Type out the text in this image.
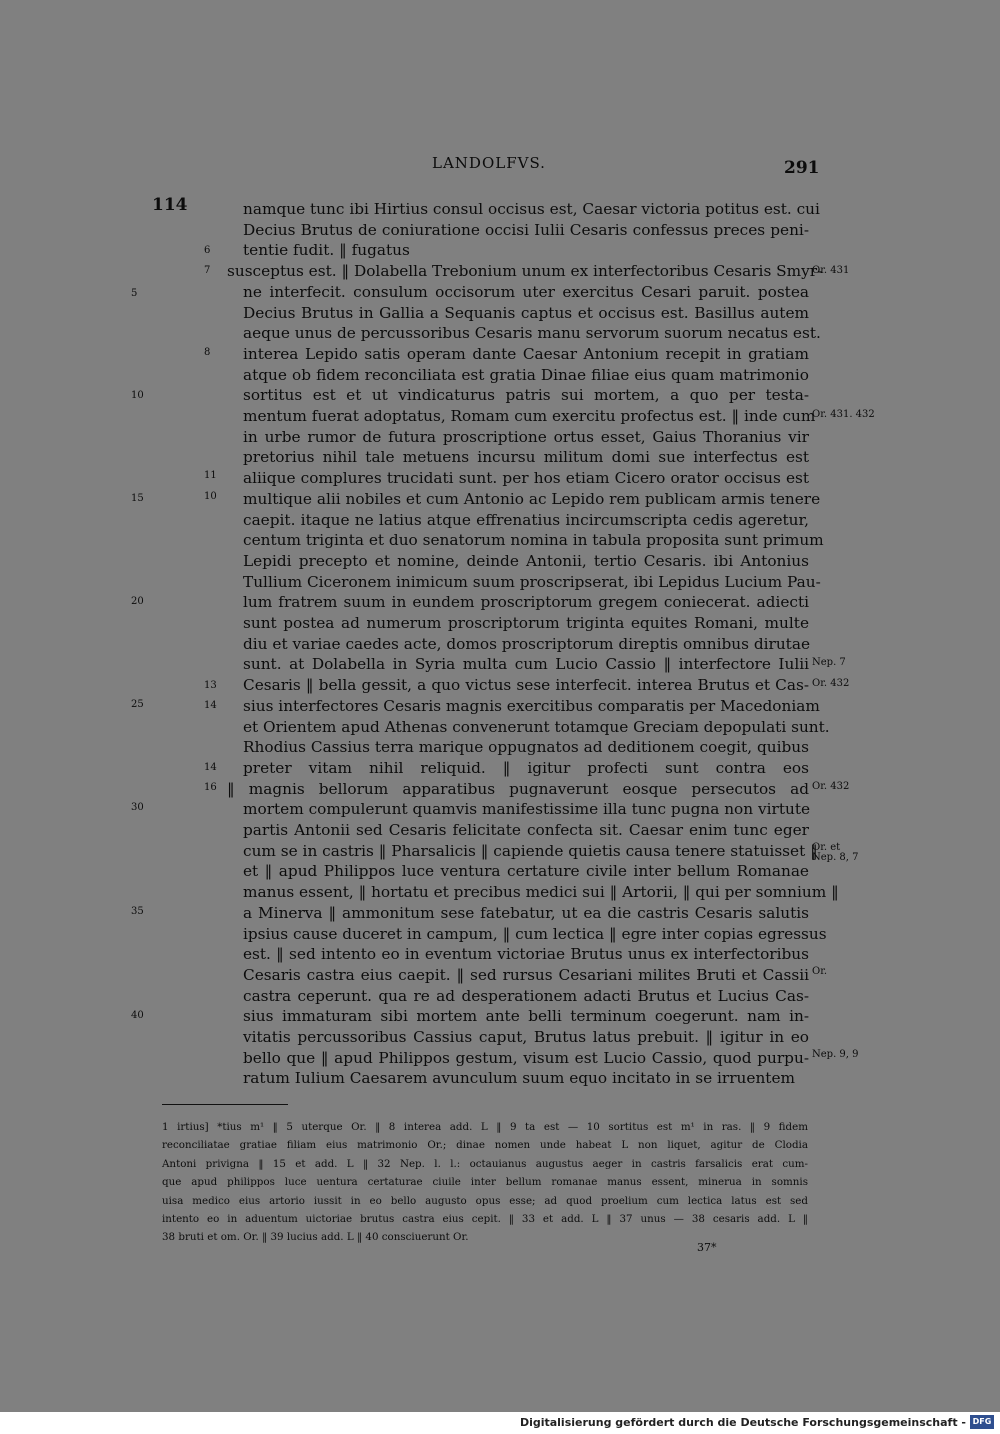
LANDOLFVS.	291
114	namque tunc ibi Hirtius consul occisus est, Caesar victoria potitus est. cui
Decius Brutus de coniuratione occisi Iulii Cesaris confessus preces peni-
tentie fudit. ‖ fugatus
susceptus est. ‖ Dolabella Trebonium unum ex interfectoribus Cesaris Smyr-
ne interfecit. consulum occisorum uter exercitus Cesari paruit. postea
Decius Brutus in Gallia a Sequanis captus et occisus est. Basillus autem
aeque unus de percussoribus Cesaris manu servorum suorum necatus est.
interea Lepido satis operam dante Caesar Antonium recepit in gratiam
atque ob fidem reconciliata est gratia Dinae filiae eius quam matrimonio
sortitus est et ut vindicaturus patris sui mortem, a quo per testa-
mentum fuerat adoptatus, Romam cum exercitu profectus est. ‖ inde cum
in urbe rumor de futura proscriptione ortus esset, Gaius Thoranius vir
pretorius nihil tale metuens incursu militum domi sue interfectus est
aliique complures trucidati sunt. per hos etiam Cicero orator occisus est
multique alii nobiles et cum Antonio ac Lepido rem publicam armis tenere
caepit. itaque ne latius atque effrenatius incircumscripta cedis ageretur,
centum triginta et duo senatorum nomina in tabula proposita sunt primum
Lepidi precepto et nomine, deinde Antonii, tertio Cesaris. ibi Antonius
Tullium Ciceronem inimicum suum proscripserat, ibi Lepidus Lucium Pau-
lum fratrem suum in eundem proscriptorum gregem coniecerat. adiecti
sunt postea ad numerum proscriptorum triginta equites Romani, multe
diu et variae caedes acte, domos proscriptorum direptis omnibus dirutae
sunt. at Dolabella in Syria multa cum Lucio Cassio ‖ interfectore Iulii
Cesaris ‖ bella gessit, a quo victus sese interfecit. interea Brutus et Cas-
sius interfectores Cesaris magnis exercitibus comparatis per Macedoniam
et Orientem apud Athenas convenerunt totamque Greciam depopulati sunt.
Rhodius Cassius terra marique oppugnatos ad deditionem coegit, quibus
preter vitam nihil reliquid. ‖ igitur profecti sunt contra eos
‖ magnis bellorum apparatibus pugnaverunt eosque persecutos ad
mortem compulerunt quamvis manifestissime illa tunc pugna non virtute
partis Antonii sed Cesaris felicitate confecta sit. Caesar enim tunc eger
cum se in castris ‖ Pharsalicis ‖ capiende quietis causa tenere statuisset ‖
et ‖ apud Philippos luce ventura certature civile inter bellum Romanae
manus essent, ‖ hortatu et precibus medici sui ‖ Artorii, ‖ qui per somnium ‖
a Minerva ‖ ammonitum sese fatebatur, ut ea die castris Cesaris salutis
ipsius cause duceret in campum, ‖ cum lectica ‖ egre inter copias egressus
est. ‖ sed intento eo in eventum victoriae Brutus unus ex interfectoribus
Cesaris castra eius caepit. ‖ sed rursus Cesariani milites Bruti et Cassii
castra ceperunt. qua re ad desperationem adacti Brutus et Lucius Cas-
sius immaturam sibi mortem ante belli terminum coegerunt. nam in-
vitatis percussoribus Cassius caput, Brutus latus prebuit. ‖ igitur in eo
bello que ‖ apud Philippos gestum, visum est Lucio Cassio, quod purpu-
ratum Iulium Caesarem avunculum suum equo incitato in se irruentem
5
10
15
20
25
30
35
40
6
7
8
11
10
13
14
14
16
Or. 431
Or. 431. 432
Nep. 7
Or. 432
Or. 432
Or. et
Nep. 8, 7
Or.
Nep. 9, 9
1 irtius] *tius m¹ ‖ 5 uterque Or. ‖ 8 interea add. L ‖ 9 ta est — 10 sortitus est m¹ in ras. ‖ 9 fidem
reconciliatae gratiae filiam eius matrimonio Or.; dinae nomen unde habeat L non liquet, agitur de Clodia
Antoni privigna ‖ 15 et add. L ‖ 32 Nep. l. l.: octauianus augustus aeger in castris farsalicis erat cum-
que apud philippos luce uentura certaturae ciuile inter bellum romanae manus essent, minerua in somnis
uisa medico eius artorio iussit in eo bello augusto opus esse; ad quod proelium cum lectica latus est sed
intento eo in aduentum uictoriae brutus castra eius cepit. ‖ 33 et add. L ‖ 37 unus — 38 cesaris add. L ‖
38 bruti et om. Or. ‖ 39 lucius add. L ‖ 40 consciuerunt Or.
37*
Digitalisierung gefördert durch die Deutsche Forschungsgemeinschaft - DFG
